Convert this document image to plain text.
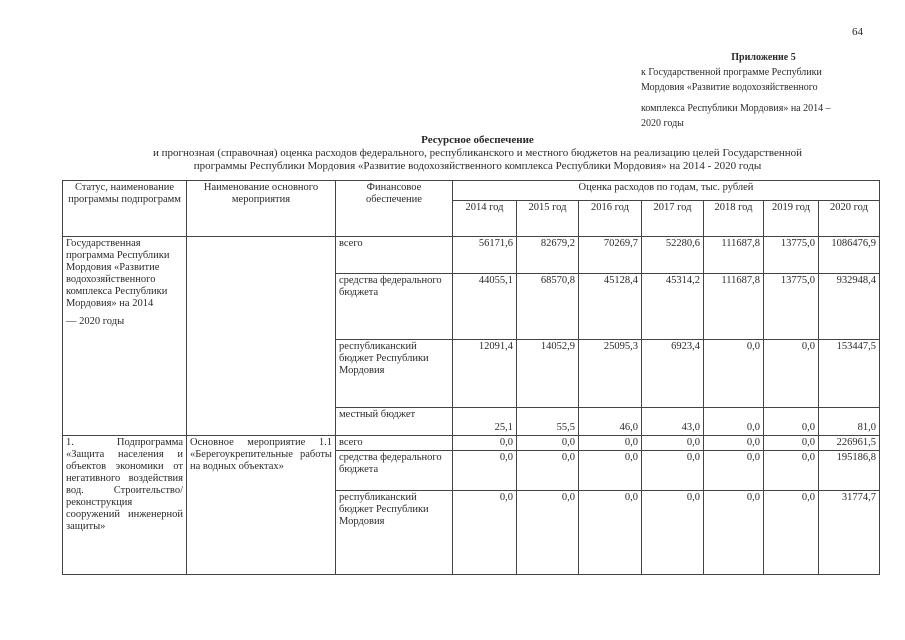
64
Приложение 5
к Государственной программе Республики
Мордовия «Развитие водохозяйственного
комплекса Республики Мордовия» на 2014 –
2020 годы
Ресурсное обеспечение
и прогнозная (справочная) оценка расходов федерального, республиканского и местного бюджетов на реализацию целей Государственной
программы Республики Мордовия «Развитие водохозяйственного комплекса Республики Мордовия» на 2014 - 2020 годы
Статус, наименование программы подпрограмм	Наименование основного мероприятия	Финансовое обеспечение	Оценка расходов по годам, тыс. рублей						
			2014 год	2015 год	2016 год	2017 год	2018 год	2019 год	2020 год

Государственная программа Республики
Мордовия «Развитие водохозяйственного комплекса Республики Мордовия» на 2014
— 2020 годы		всего	56171,6	82679,2	70269,7	52280,6	111687,8	13775,0	1086476,9
		средства федерального бюджета	44055,1	68570,8	45128,4	45314,2	111687,8	13775,0	932948,4
		республиканский бюджет Республики Мордовия	12091,4	14052,9	25095,3	6923,4	0,0	0,0	153447,5
		местный бюджет	25,1	55,5	46,0	43,0	0,0	0,0	81,0
1. Подпрограмма «Защита населения и объектов экономики от негативного воздействия вод. Строительство/реконструкция сооружений инженерной защиты»	Основное мероприятие 1.1 «Берегоукрепительные работы на водных объектах»	всего	0,0	0,0	0,0	0,0	0,0	0,0	226961,5
		средства федерального бюджета	0,0	0,0	0,0	0,0	0,0	0,0	195186,8
		республиканский бюджет Республики Мордовия	0,0	0,0	0,0	0,0	0,0	0,0	31774,7
